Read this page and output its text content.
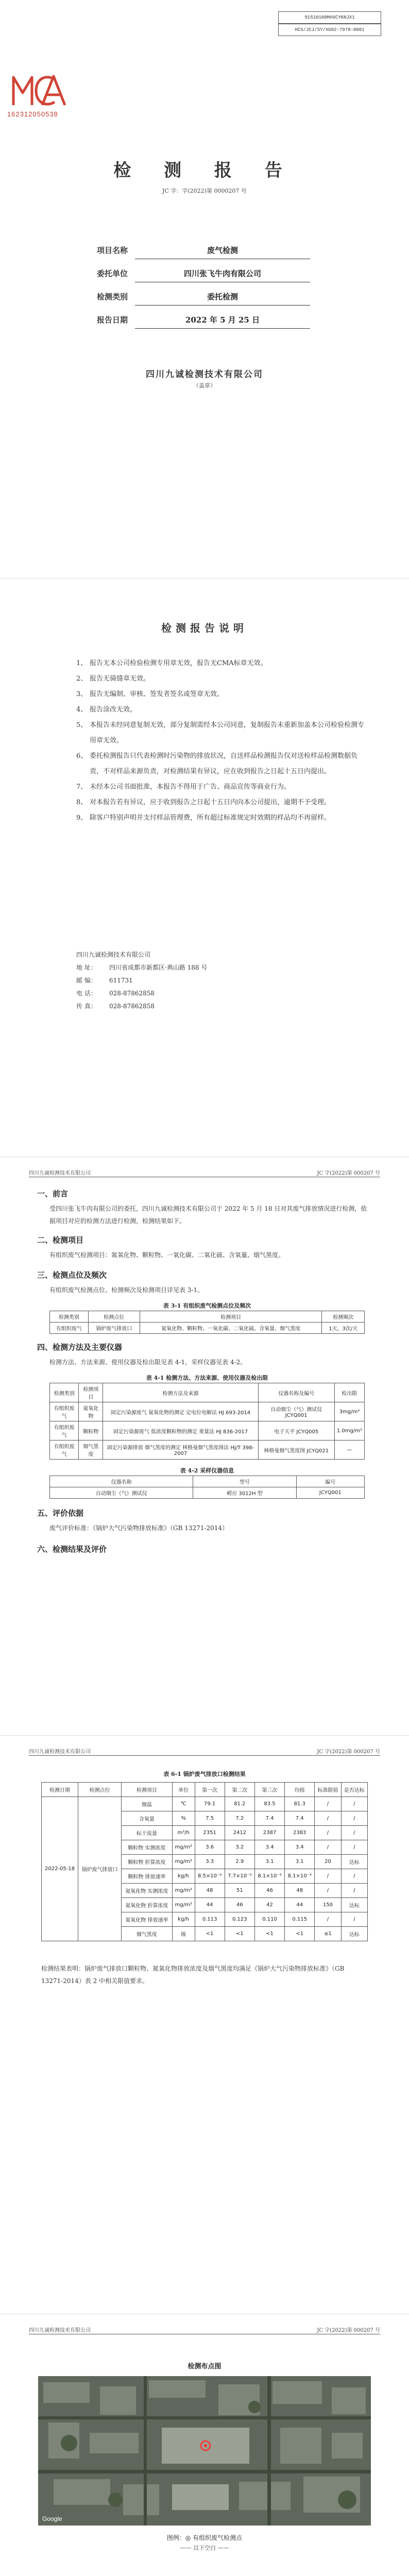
91510100MA6CYKNJX1
HCX/JCJ/SY/XG02-7978-0001
162312050538
检 测 报 告
JC 字：字(2022)第 0000207 号
项目名称	废气检测
委托单位	四川张飞牛肉有限公司
检测类别	委托检测
报告日期	2022 年 5 月 25 日
四川九诚检测技术有限公司
（盖章）
检测报告说明
1、 报告无本公司检验检测专用章无效，报告无CMA标章无效。
2、 报告无骑缝章无效。
3、 报告无编制、审核、签发者签名或签章无效。
4、 报告涂改无效。
5、 本报告未经同意复制无效，部分复制需经本公司同意，复制报告未重新加盖本公司检验检测专用章无效。
6、 委托检测报告只代表检测时污染物的排放状况，自送样品检测报告仅对送检样品检测数据负责，不对样品来源负责，对检测结果有异议，应在收到报告之日起十五日内提出。
7、 未经本公司书面批准，本报告不得用于广告、商品宣传等商业行为。
8、 对本报告若有异议，应于收到报告之日起十五日内向本公司提出，逾期不予受理。
9、 除客户特别声明并支付样品管理费，所有超过标准规定时效期的样品均不再留样。
四川九诚检测技术有限公司
地 址：	四川省成都市新都区·典山路 188 号
邮 编：	611731
电 话：	028-87862858
传 真：	028-87862858
四川九诚检测技术有限公司	JC 字(2022)第 000207 号
一、前言
受四川张飞牛肉有限公司的委托，四川九诚检测技术有限公司于 2022 年 5 月 18 日对其废气排放情况进行检测，依据项目对应的检测方法进行检测，检测结果如下。
二、检测项目
有组织废气检测项目：氮氧化物、颗粒物、一氧化碳、二氧化硫、含氧量、烟气黑度。
三、检测点位及频次
有组织废气检测点位、检测频次及检测项目详见表 3-1。
表 3-1 有组织废气检测点位及频次
检测类别	检测点位	检测项目	检测频次
有组织废气	锅炉废气排放口	氮氧化物、颗粒物、一氧化碳、二氧化硫、含氧量、烟气黑度	1天，3次/天
四、检测方法及主要仪器
检测方法、方法来源、使用仪器及检出限见表 4-1，采样仪器见表 4-2。
表 4-1 检测方法、方法来源、使用仪器及检出限
检测类别	检测项目	检测方法及来源	仪器名称及编号	检出限
有组织废气	氮氧化物	固定污染源废气 氮氧化物的测定 定电位电解法 HJ 693-2014	自动烟尘（气）测试仪 JCYQ001	3mg/m³
有组织废气	颗粒物	固定污染源废气 低浓度颗粒物的测定 重量法 HJ 836-2017	电子天平 JCYQ005	1.0mg/m³
有组织废气	烟气黑度	固定污染源排放 烟气黑度的测定 林格曼烟气黑度图法 HJ/T 398-2007	林格曼烟气黑度图 JCYQ021	—
表 4-2 采样仪器信息
仪器名称	型号	编号
自动烟尘（气）测试仪	崂应 3012H 型	JCYQ001
五、评价依据
废气评价标准：《锅炉大气污染物排放标准》（GB 13271-2014）
六、检测结果及评价
四川九诚检测技术有限公司	JC 字(2022)第 000207 号
表 6-1 锅炉废气排放口检测结果
检测日期	检测点位	检测项目	单位	第一次	第二次	第三次	均值	标准限值	是否达标
2022-05-18	锅炉废气排放口	烟温	℃	79.1	81.2	83.5	81.3	/	/
		含氧量	%	7.5	7.2	7.4	7.4	/	/
		标干流量	m³/h	2351	2412	2387	2383	/	/
		颗粒物 实测浓度	mg/m³	3.6	3.2	3.4	3.4	/	/
		颗粒物 折算浓度	mg/m³	3.3	2.9	3.1	3.1	20	达标
		颗粒物 排放速率	kg/h	8.5×10⁻³	7.7×10⁻³	8.1×10⁻³	8.1×10⁻³	/	/
		氮氧化物 实测浓度	mg/m³	48	51	46	48	/	/
		氮氧化物 折算浓度	mg/m³	44	46	42	44	150	达标
		氮氧化物 排放速率	kg/h	0.113	0.123	0.110	0.115	/	/
		烟气黑度	级	<1	<1	<1	<1	≤1	达标
检测结果表明：锅炉废气排放口颗粒物、氮氧化物排放浓度及烟气黑度均满足《锅炉大气污染物排放标准》（GB 13271-2014）表 2 中相关限值要求。
四川九诚检测技术有限公司	JC 字(2022)第 000207 号
检测布点图
Google
图例：◎ 有组织废气检测点
—— 以下空白 ——
